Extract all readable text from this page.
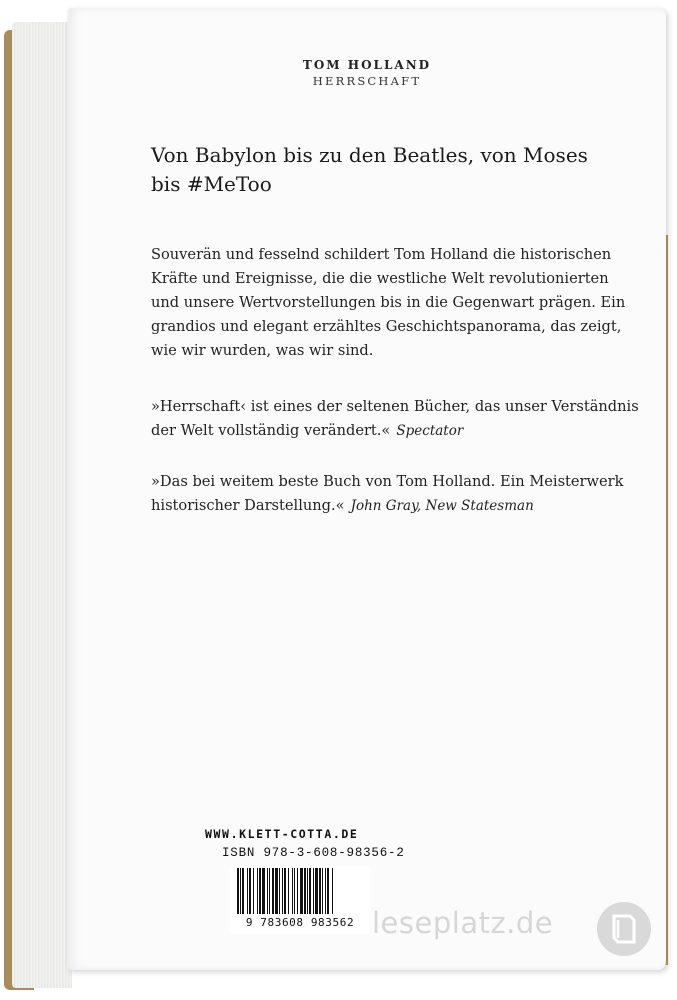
TOM HOLLAND
HERRSCHAFT
Von Babylon bis zu den Beatles, von Moses
bis #MeToo
Souverän und fesselnd schildert Tom Holland die historischen Kräfte und Ereignisse, die die westliche Welt revolutionierten und unsere Wertvorstellungen bis in die Gegenwart prägen. Ein grandios und elegant erzähltes Geschichtspanorama, das zeigt, wie wir wurden, was wir sind.
»Herrschaft‹ ist eines der seltenen Bücher, das unser Verständnis der Welt vollständig verändert.« Spectator
»Das bei weitem beste Buch von Tom Holland. Ein Meisterwerk historischer Darstellung.« John Gray, New Statesman
WWW.KLETT-COTTA.DE
ISBN 978-3-608-98356-2
9 783608 983562 leseplatz.de
